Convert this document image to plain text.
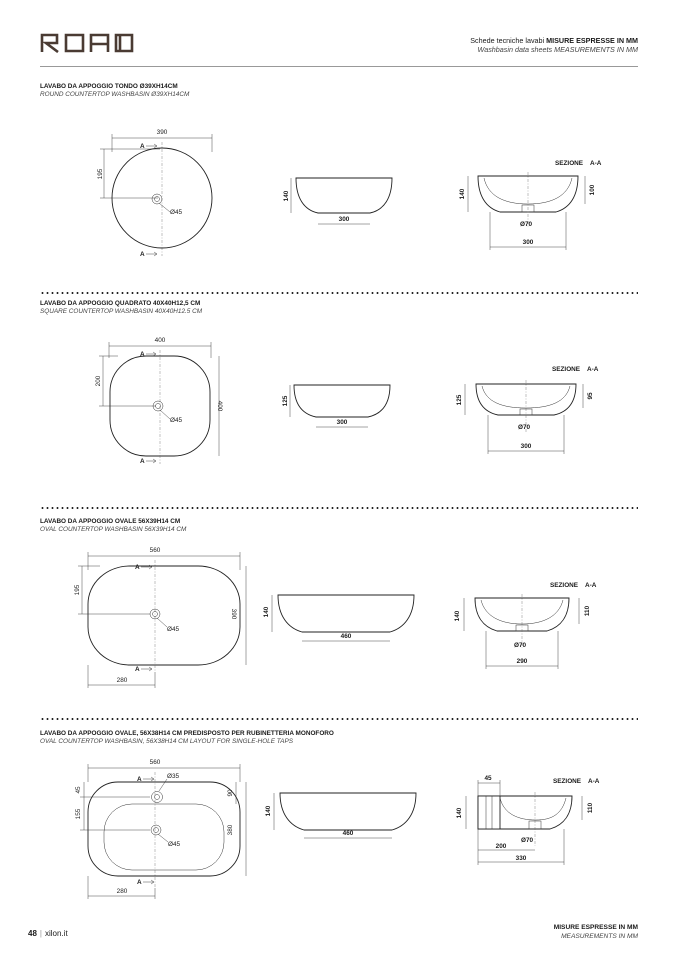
Schede tecniche lavabi MISURE ESPRESSE IN MM
Washbasin data sheets MEASUREMENTS IN MM
LAVABO DA APPOGGIO TONDO Ø39XH14CM
ROUND COUNTERTOP WASHBASIN Ø39XH14CM
LAVABO DA APPOGGIO QUADRATO 40X40H12,5 CM
SQUARE COUNTERTOP WASHBASIN 40X40H12.5 CM
LAVABO DA APPOGGIO OVALE 56X39H14 CM
OVAL COUNTERTOP WASHBASIN 56X39H14 CM
LAVABO DA APPOGGIO OVALE, 56X38H14 CM PREDISPOSTO PER RUBINETTERIA MONOFORO
OVAL COUNTERTOP WASHBASIN, 56X38H14 CM LAYOUT FOR SINGLE-HOLE TAPS
390
195
Ø45
A
A
140
300
SEZIONE A-A
140	100
Ø70
300
400
200
400
Ø45
A
A
125
300
SEZIONE A-A
125	95
Ø70
300
560
195
390
Ø45
A
A
280
140
460
SEZIONE A-A
140	110
Ø70
290
560
Ø35
45
155
90
380
Ø45
A
A
280
140
460
SEZIONE A-A
45
140	110
Ø70
200
330
48 | xilon.it
MISURE ESPRESSE IN MM
MEASUREMENTS IN MM
